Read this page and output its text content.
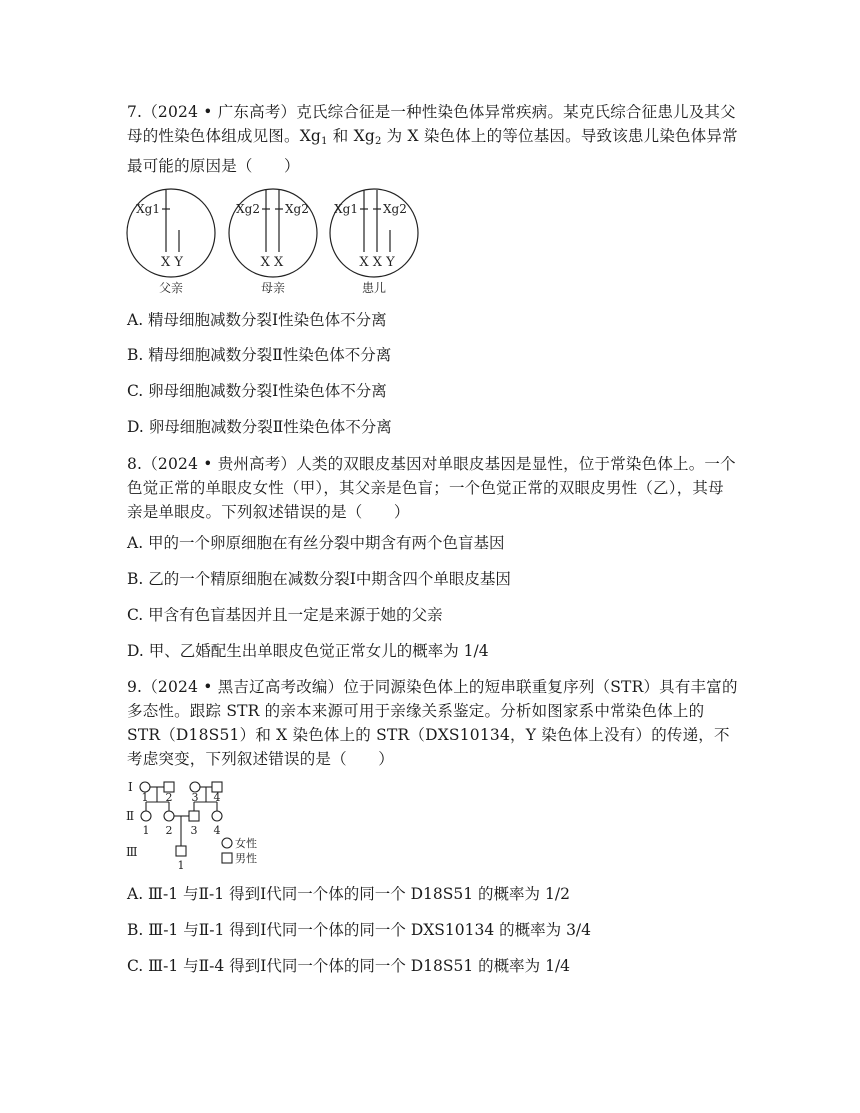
7.（2024 • 广东高考）克氏综合征是一种性染色体异常疾病。某克氏综合征患儿及其父母的性染色体组成见图。$Xg_1$ 和 $Xg_2$ 为 X 染色体上的等位基因。导致该患儿染色体异常最可能的原因是（　　）
Xg1	Xg2 Xg2 Xg1 Xg2
X Y	X X	X X Y
父亲	母亲	患儿
A. 精母细胞减数分裂Ⅰ性染色体不分离
B. 精母细胞减数分裂Ⅱ性染色体不分离
C. 卵母细胞减数分裂Ⅰ性染色体不分离
D. 卵母细胞减数分裂Ⅱ性染色体不分离
8.（2024 • 贵州高考）人类的双眼皮基因对单眼皮基因是显性，位于常染色体上。一个色觉正常的单眼皮女性（甲），其父亲是色盲；一个色觉正常的双眼皮男性（乙），其母亲是单眼皮。下列叙述错误的是（　　）
A. 甲的一个卵原细胞在有丝分裂中期含有两个色盲基因
B. 乙的一个精原细胞在减数分裂Ⅰ中期含四个单眼皮基因
C. 甲含有色盲基因并且一定是来源于她的父亲
D. 甲、乙婚配生出单眼皮色觉正常女儿的概率为 1/4
9.（2024 • 黑吉辽高考改编）位于同源染色体上的短串联重复序列（STR）具有丰富的多态性。跟踪 STR 的亲本来源可用于亲缘关系鉴定。分析如图家系中常染色体上的 STR（D18S51）和 X 染色体上的 STR（DXS10134，Y 染色体上没有）的传递，不考虑突变，下列叙述错误的是（　　）
Ⅰ
Ⅱ
Ⅲ
1 2 3 4
1 2 3 4
1
女性
男性
A. Ⅲ-1 与Ⅱ-1 得到Ⅰ代同一个体的同一个 D18S51 的概率为 1/2
B. Ⅲ-1 与Ⅱ-1 得到Ⅰ代同一个体的同一个 DXS10134 的概率为 3/4
C. Ⅲ-1 与Ⅱ-4 得到Ⅰ代同一个体的同一个 D18S51 的概率为 1/4
